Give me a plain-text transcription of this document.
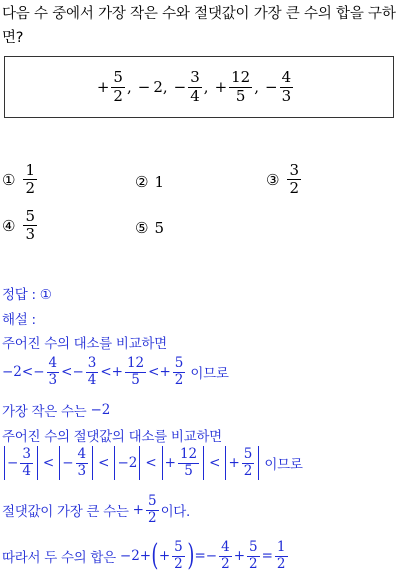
다음 수 중에서 가장 작은 수와 절댓값이 가장 큰 수의 합을 구하면?
+ $\frac{5}{2}$ , − 2 , − $\frac{3}{4}$ , + $\frac{12}{5}$ , − $\frac{4}{3}$
① $\frac{1}{2}$	② 1	③ $\frac{3}{2}$
④ $\frac{5}{3}$	⑤ 5
정답 : ①
해설 :
주어진 수의 대소를 비교하면
−2 < − $\frac{4}{3}$ < − $\frac{3}{4}$ < + $\frac{12}{5}$ < + $\frac{5}{2}$ 이므로
가장 작은 수는 −2
주어진 수의 절댓값의 대소를 비교하면
− $\frac{3}{4}$ < − $\frac{4}{3} < -2$ < + $\frac{12}{5}$ < + $\frac{5}{2}$ 이므로
절댓값이 가장 큰 수는 + $\frac{5}{2}$ 이다.
따라서 두 수의 합은 −2+ ( + $\frac{5}{2}$ ) =− $\frac{4}{2} + \frac{5}{2} = \frac{1}{2}$
